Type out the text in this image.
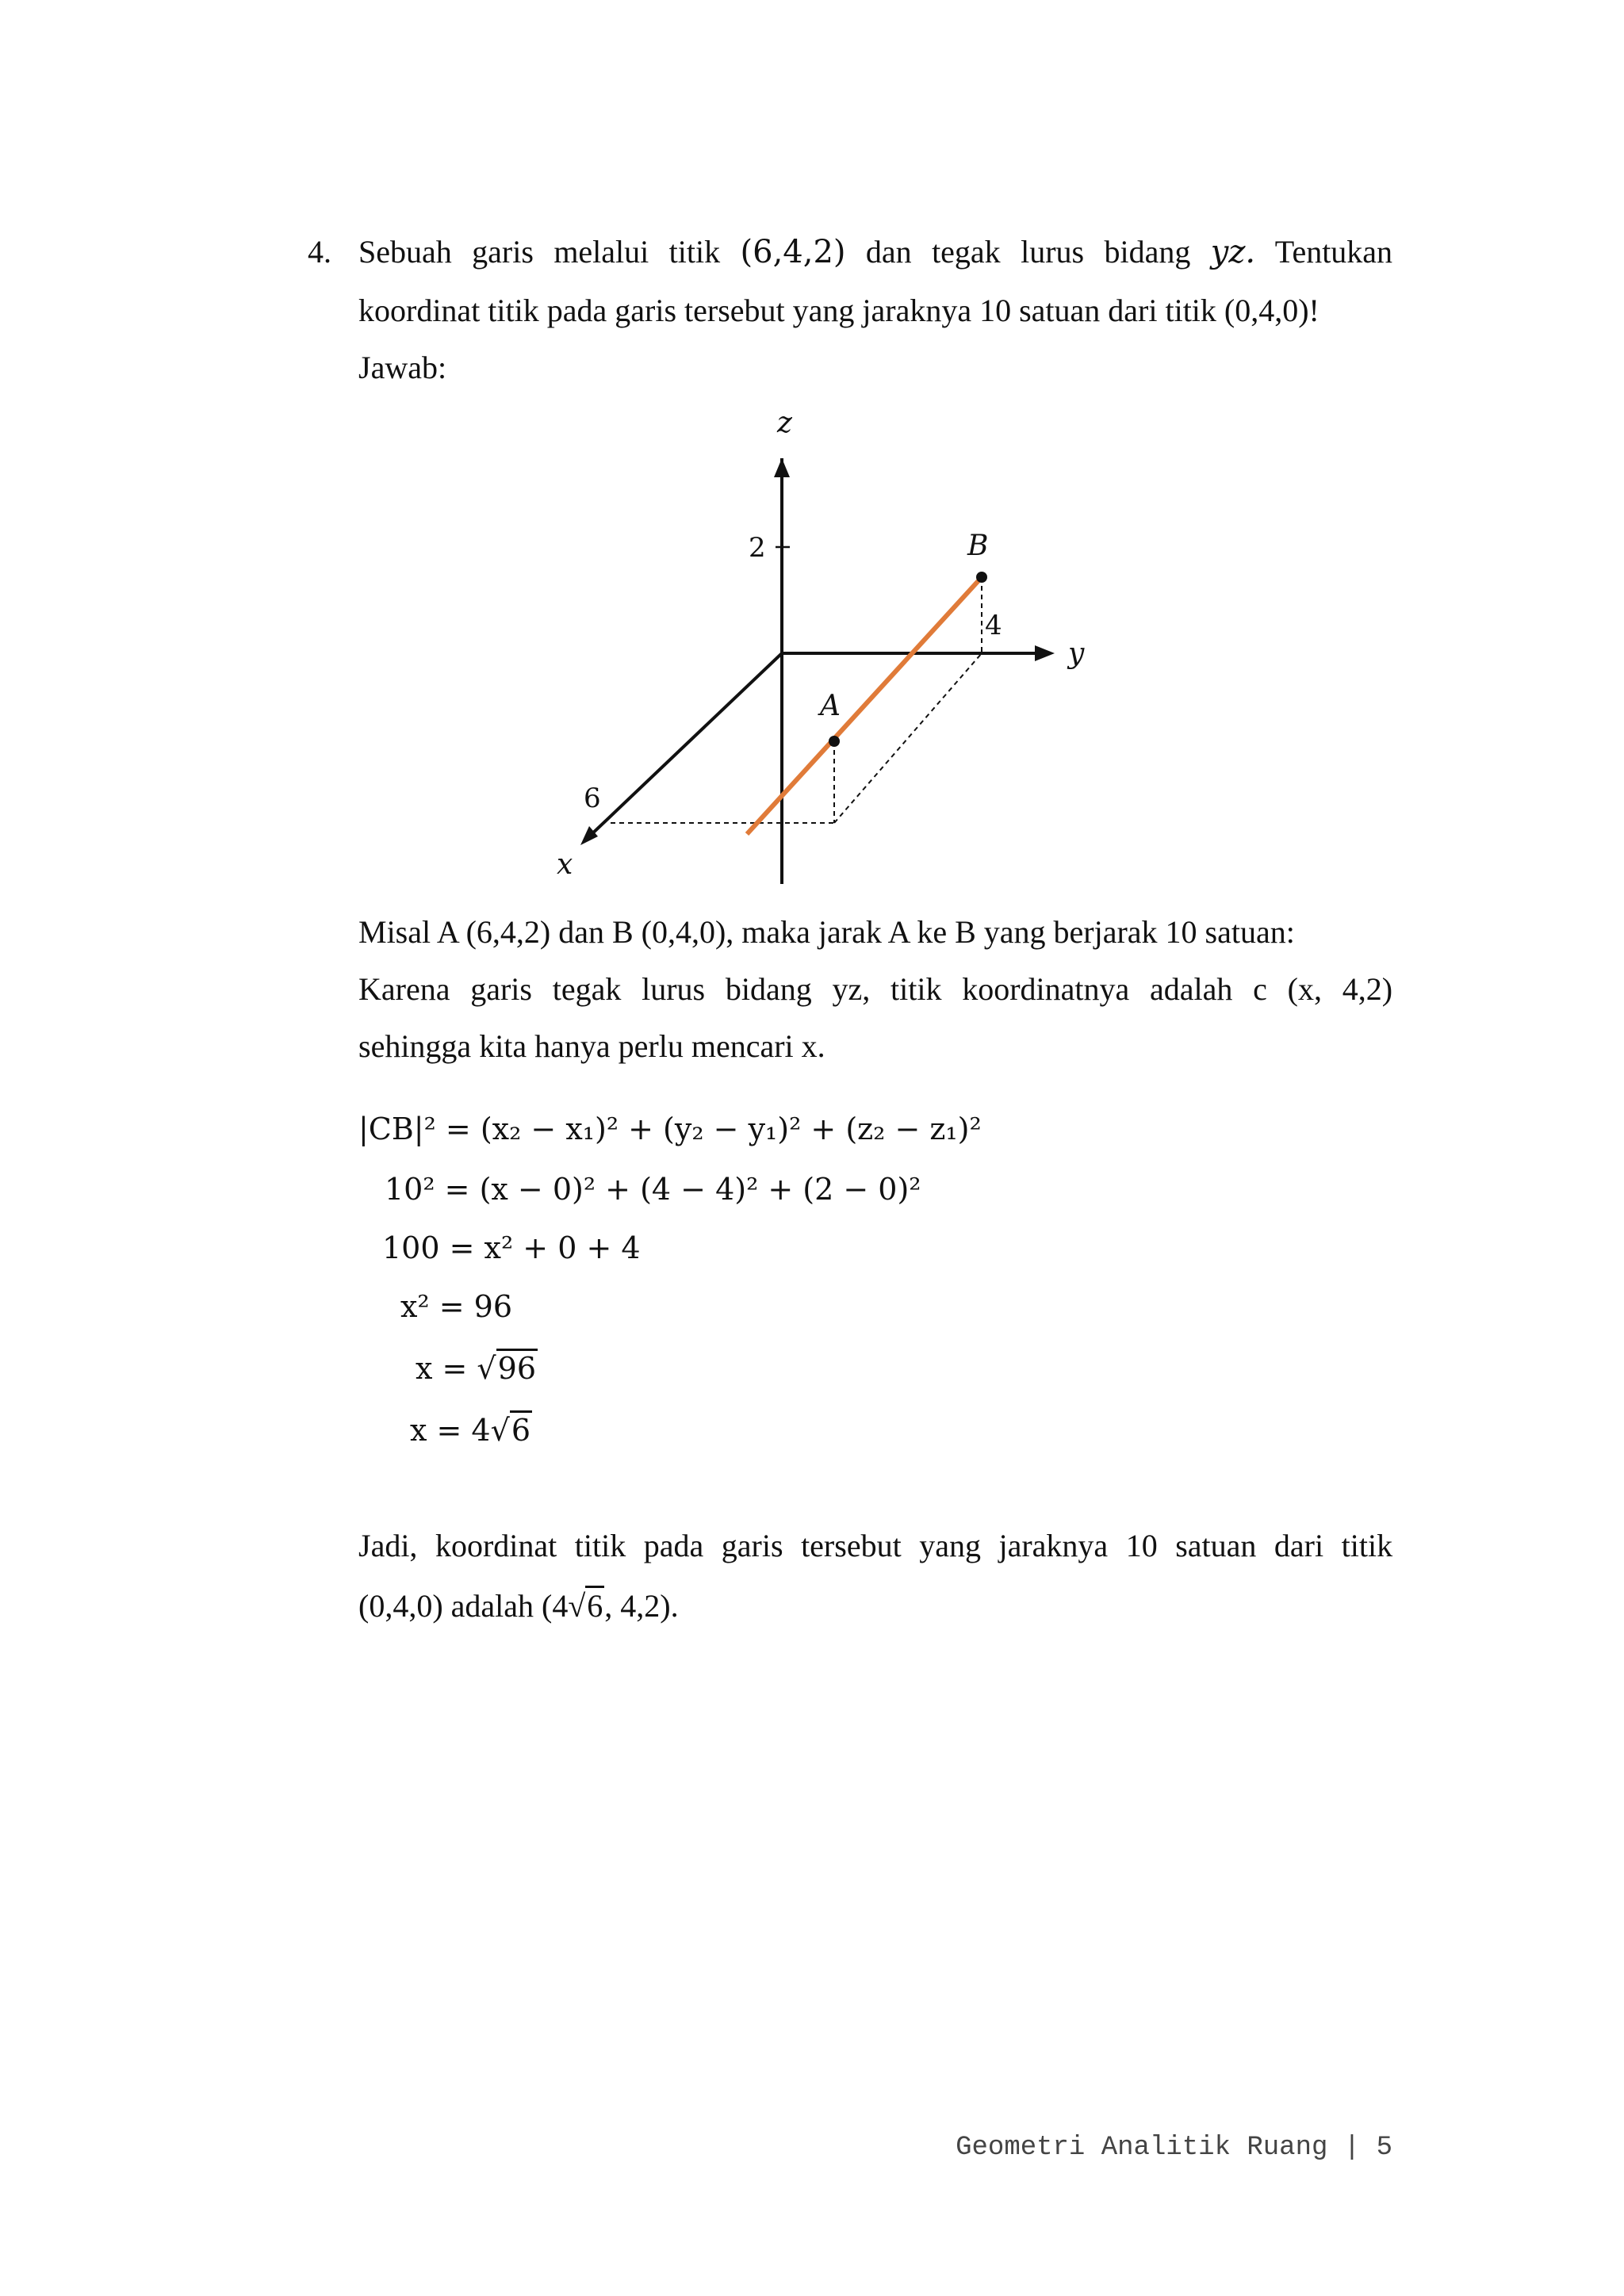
4. Sebuah garis melalui titik (6,4,2) dan tegak lurus bidang yz. Tentukan
koordinat titik pada garis tersebut yang jaraknya 10 satuan dari titik (0,4,0)!
Jawab:
z
y
x
2
6
4
A
B
Misal A (6,4,2) dan B (0,4,0), maka jarak A ke B yang berjarak 10 satuan:
Karena garis tegak lurus bidang yz, titik koordinatnya adalah c (x, 4,2)
sehingga kita hanya perlu mencari x.
|CB|² = (x₂ − x₁)² + (y₂ − y₁)² + (z₂ − z₁)²
10² = (x − 0)² + (4 − 4)² + (2 − 0)²
100 = x² + 0 + 4
x² = 96
x = √96
x = 4√6
Jadi, koordinat titik pada garis tersebut yang jaraknya 10 satuan dari titik
(0,4,0) adalah (4√6, 4,2).
Geometri Analitik Ruang | 5
